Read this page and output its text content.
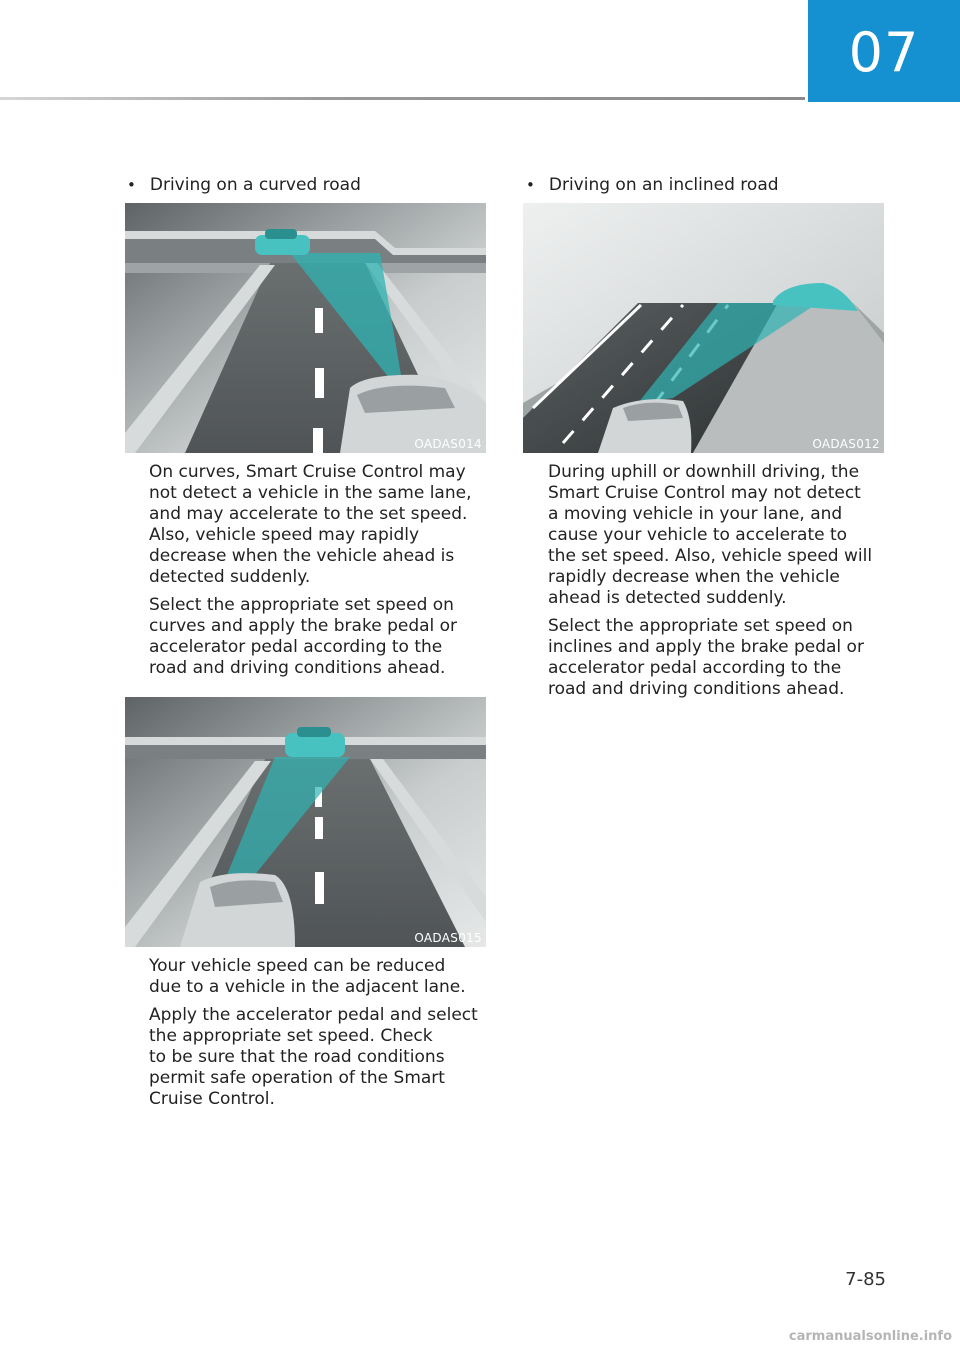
07
• Driving on a curved road
OADAS014

On curves, Smart Cruise Control may
not detect a vehicle in the same lane,
and may accelerate to the set speed.
Also, vehicle speed may rapidly
decrease when the vehicle ahead is
detected suddenly.

Select the appropriate set speed on
curves and apply the brake pedal or
accelerator pedal according to the
road and driving conditions ahead.

OADAS015

Your vehicle speed can be reduced
due to a vehicle in the adjacent lane.

Apply the accelerator pedal and select
the appropriate set speed. Check
to be sure that the road conditions
permit safe operation of the Smart
Cruise Control.

• Driving on an inclined road
OADAS012

During uphill or downhill driving, the
Smart Cruise Control may not detect
a moving vehicle in your lane, and
cause your vehicle to accelerate to
the set speed. Also, vehicle speed will
rapidly decrease when the vehicle
ahead is detected suddenly.

Select the appropriate set speed on
inclines and apply the brake pedal or
accelerator pedal according to the
road and driving conditions ahead.

7-85
carmanualsonline.info
